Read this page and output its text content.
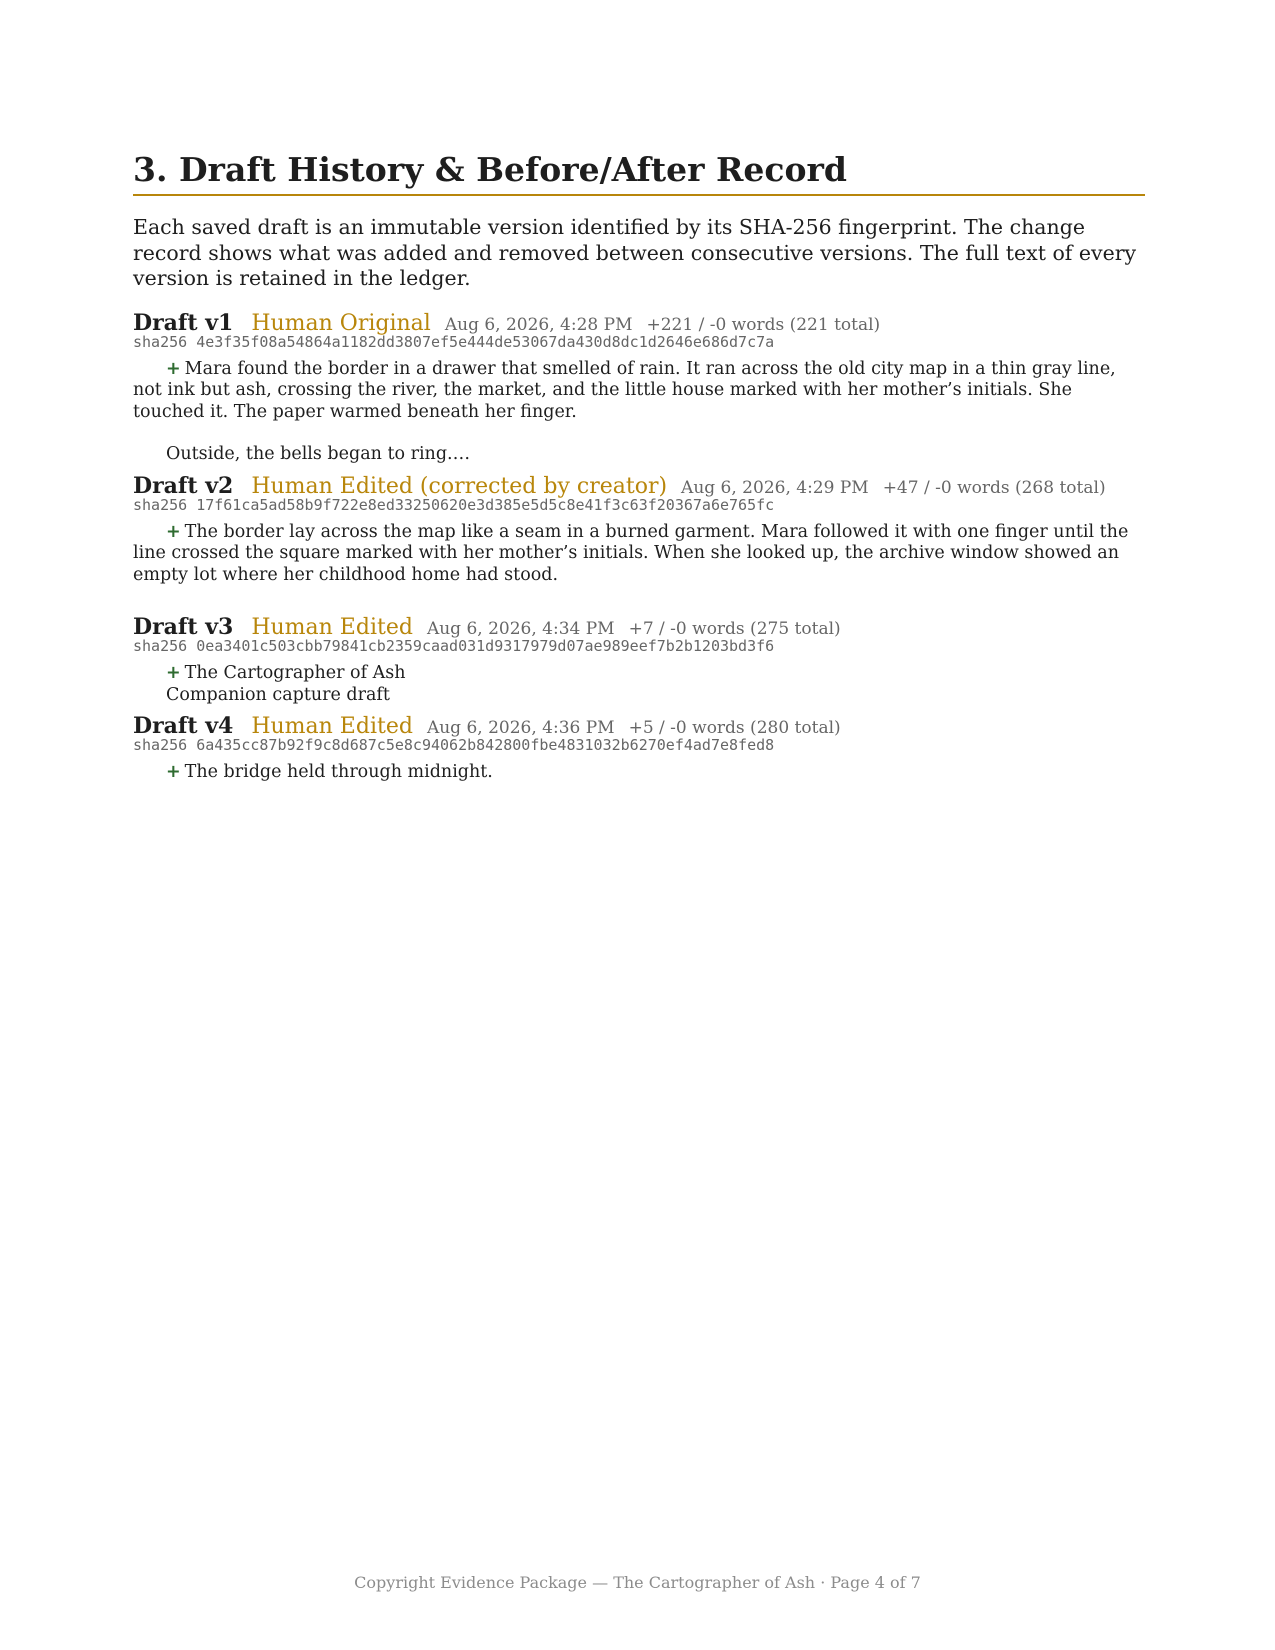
3. Draft History & Before/After Record

Each saved draft is an immutable version identified by its SHA-256 fingerprint. The change record shows what was added and removed between consecutive versions. The full text of every version is retained in the ledger.

Draft v1 Human Original Aug 6, 2026, 4:28 PM +221 / -0 words (221 total)
sha256 4e3f35f08a54864a1182dd3807ef5e444de53067da430d8dc1d2646e686d7c7a

+ Mara found the border in a drawer that smelled of rain. It ran across the old city map in a thin gray line, not ink but ash, crossing the river, the market, and the little house marked with her mother’s initials. She touched it. The paper warmed beneath her finger.

Outside, the bells began to ring.…

Draft v2 Human Edited (corrected by creator) Aug 6, 2026, 4:29 PM +47 / -0 words (268 total)
sha256 17f61ca5ad58b9f722e8ed33250620e3d385e5d5c8e41f3c63f20367a6e765fc

+ The border lay across the map like a seam in a burned garment. Mara followed it with one finger until the line crossed the square marked with her mother’s initials. When she looked up, the archive window showed an empty lot where her childhood home had stood.

Draft v3 Human Edited Aug 6, 2026, 4:34 PM +7 / -0 words (275 total)
sha256 0ea3401c503cbb79841cb2359caad031d9317979d07ae989eef7b2b1203bd3f6

+ The Cartographer of Ash

Companion capture draft

Draft v4 Human Edited Aug 6, 2026, 4:36 PM +5 / -0 words (280 total)
sha256 6a435cc87b92f9c8d687c5e8c94062b842800fbe4831032b6270ef4ad7e8fed8

+ The bridge held through midnight.

Copyright Evidence Package — The Cartographer of Ash · Page 4 of 7
